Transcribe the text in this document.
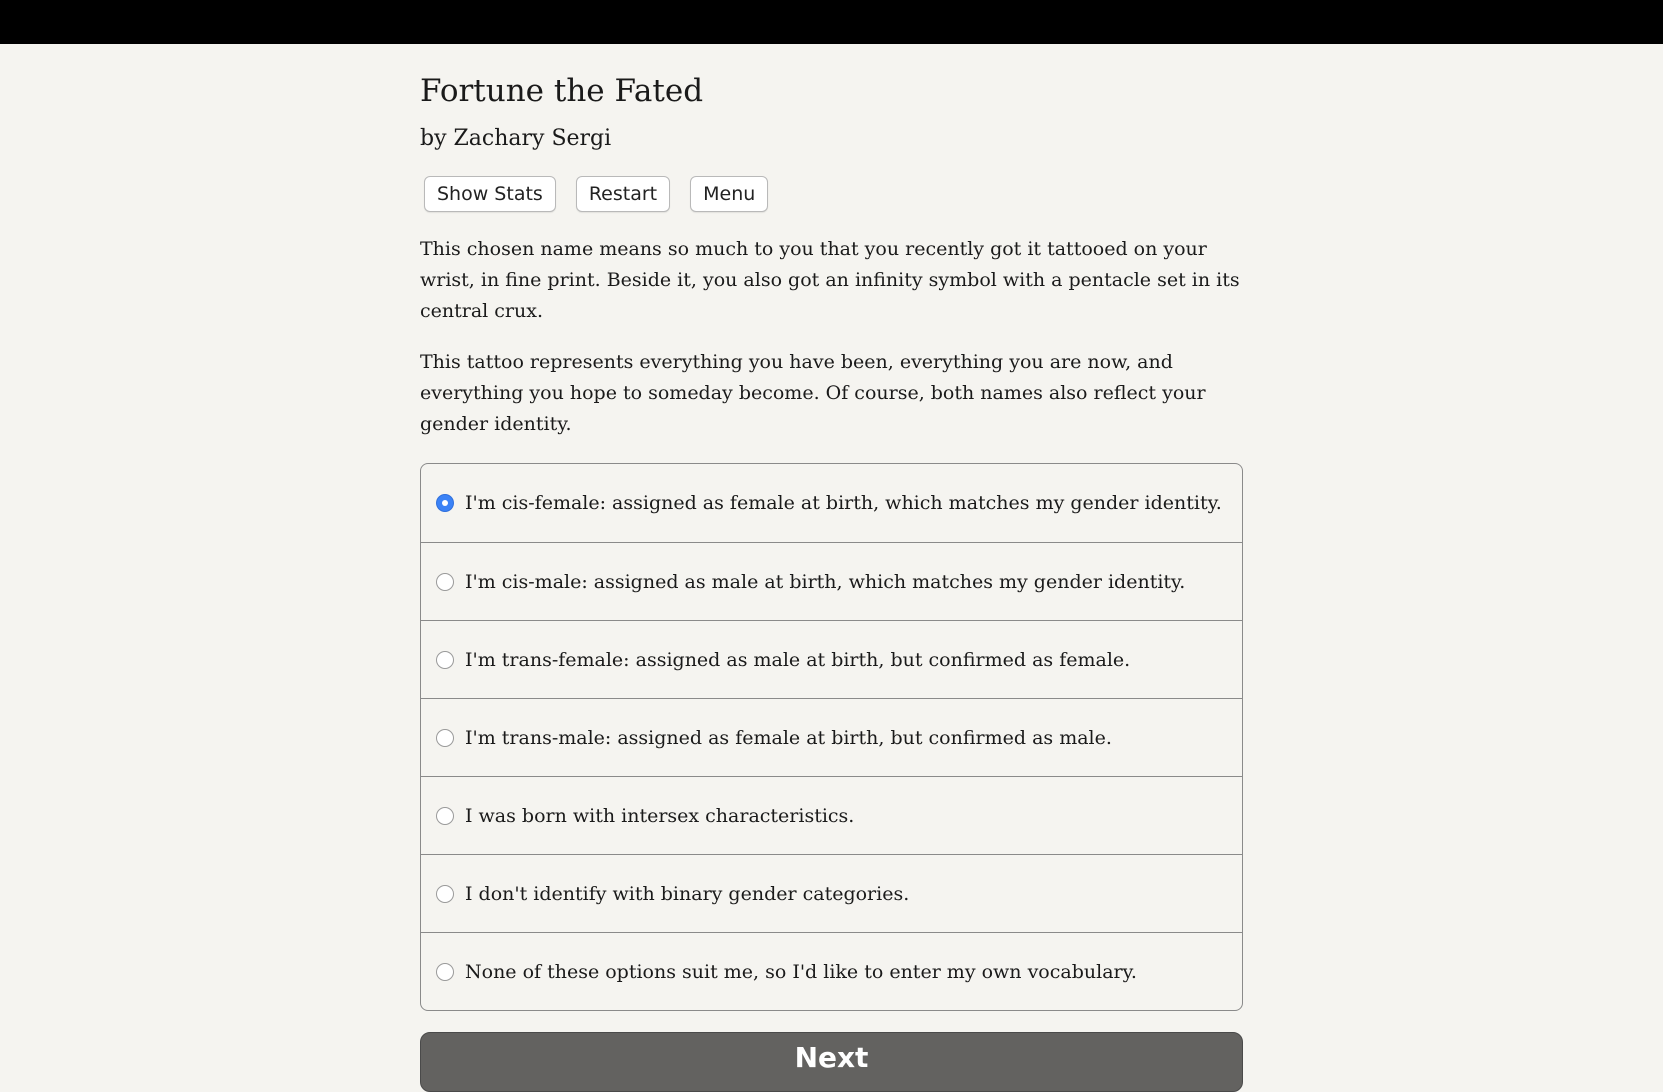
Fortune the Fated
by Zachary Sergi
Show Stats	Restart	Menu

This chosen name means so much to you that you recently got it tattooed on your wrist, in fine print. Beside it, you also got an infinity symbol with a pentacle set in its central crux.

This tattoo represents everything you have been, everything you are now, and everything you hope to someday become. Of course, both names also reflect your gender identity.

I'm cis-female: assigned as female at birth, which matches my gender identity.
I'm cis-male: assigned as male at birth, which matches my gender identity.
I'm trans-female: assigned as male at birth, but confirmed as female.
I'm trans-male: assigned as female at birth, but confirmed as male.
I was born with intersex characteristics.
I don't identify with binary gender categories.
None of these options suit me, so I'd like to enter my own vocabulary.
Next
